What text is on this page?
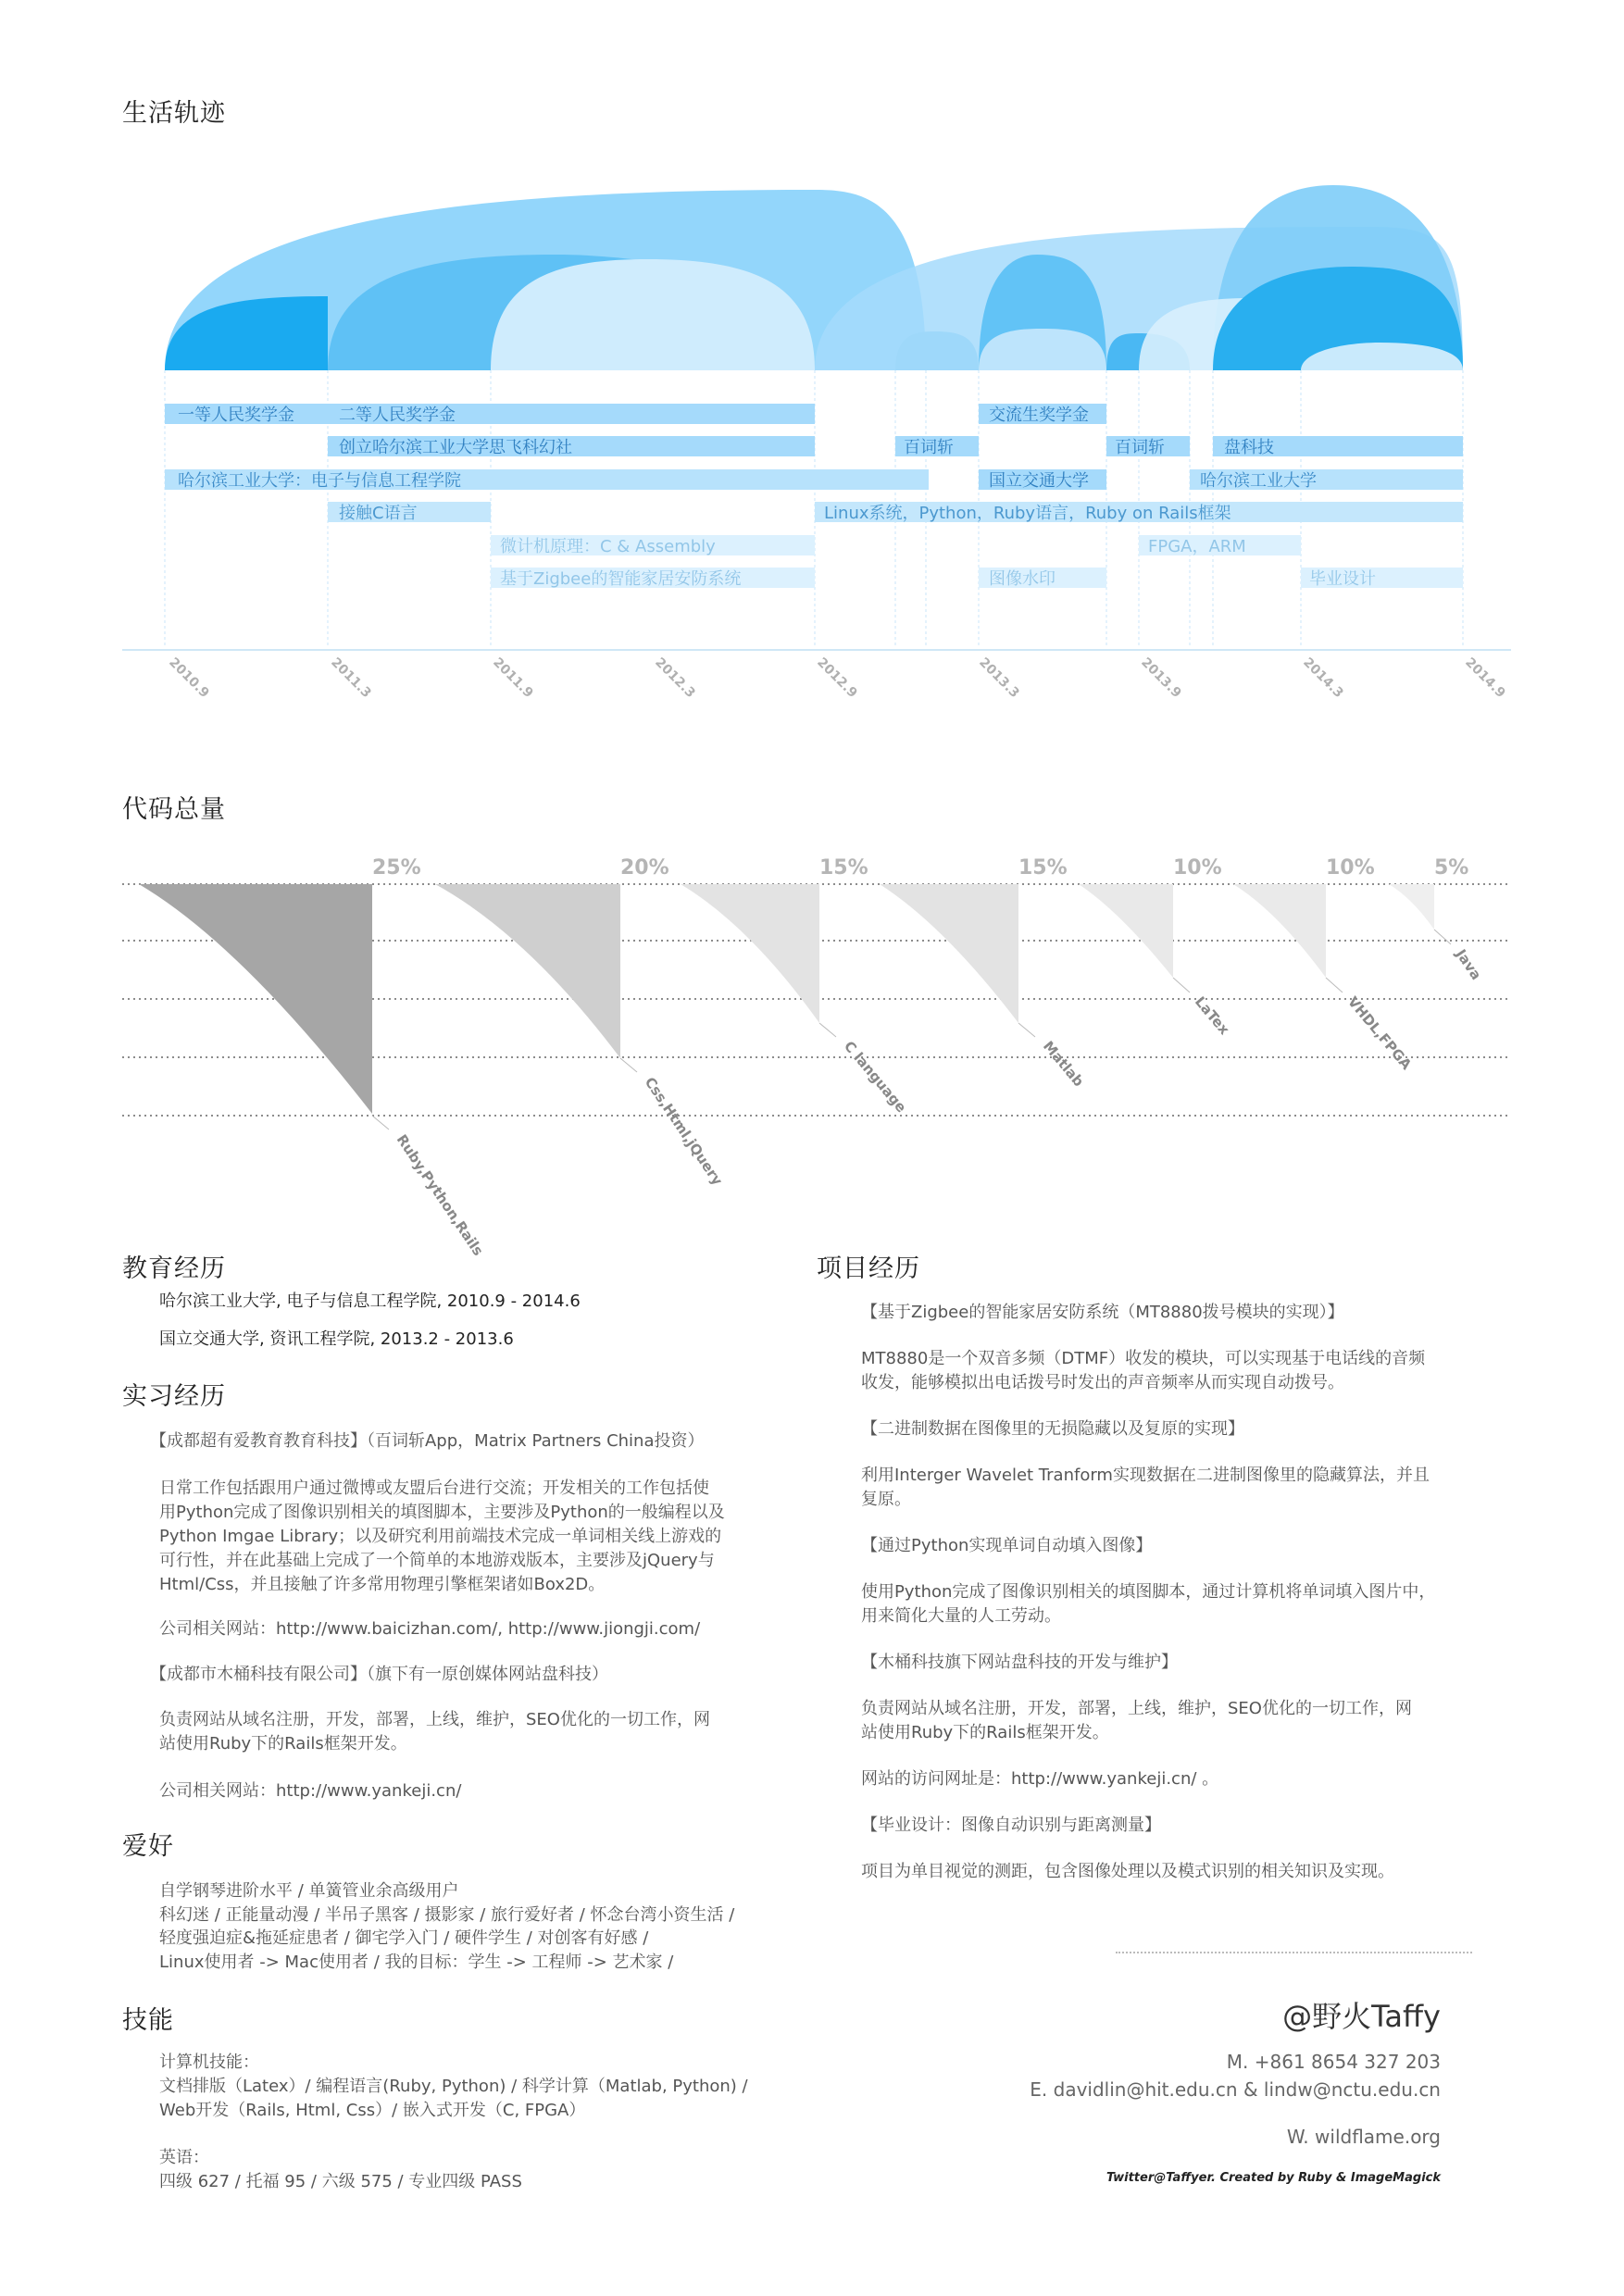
生活轨迹
一等人民奖学金	二等人民奖学金	交流生奖学金
创立哈尔滨工业大学思飞科幻社	百词斩	百词斩	盘科技
哈尔滨工业大学：电子与信息工程学院	国立交通大学	哈尔滨工业大学
接触C语言	Linux系统，Python，Ruby语言，Ruby on Rails框架
微计机原理：C & Assembly	FPGA，ARM
基于Zigbee的智能家居安防系统	图像水印	毕业设计
2010.9	2011.3	2011.9	2012.3	2012.9	2013.3	2013.9	2014.3	2014.9
代码总量
25%	20%	15%	15%	10%	10%	5%
Ruby,Python,Rails
Css,Html,jQuery	C language	Matlab
LaTex	VHDL,FPGA
Java
教育经历

哈尔滨工业大学, 电子与信息工程学院, 2010.9 - 2014.6

国立交通大学, 资讯工程学院, 2013.2 - 2013.6

实习经历

【成都超有爱教育教育科技】（百词斩App，Matrix Partners China投资）

日常工作包括跟用户通过微博或友盟后台进行交流；开发相关的工作包括使

用Python完成了图像识别相关的填图脚本，主要涉及Python的一般编程以及

Python Imgae Library；以及研究利用前端技术完成一单词相关线上游戏的

可行性，并在此基础上完成了一个简单的本地游戏版本，主要涉及jQuery与

Html/Css，并且接触了许多常用物理引擎框架诸如Box2D。

公司相关网站：http://www.baicizhan.com/, http://www.jiongji.com/

【成都市木桶科技有限公司】（旗下有一原创媒体网站盘科技）

负责网站从域名注册，开发，部署，上线，维护，SEO优化的一切工作，网

站使用Ruby下的Rails框架开发。

公司相关网站：http://www.yankeji.cn/

爱好

自学钢琴进阶水平 / 单簧管业余高级用户

科幻迷 / 正能量动漫 / 半吊子黑客 / 摄影家 / 旅行爱好者 / 怀念台湾小资生活 /

轻度强迫症&拖延症患者 / 御宅学入门 / 硬件学生 / 对创客有好感 /

Linux使用者 -> Mac使用者 / 我的目标：学生 -> 工程师 -> 艺术家 /

技能

计算机技能：

文档排版（Latex）/ 编程语言(Ruby, Python) / 科学计算（Matlab, Python) /

Web开发（Rails, Html, Css）/ 嵌入式开发（C, FPGA）

英语：

四级 627 / 托福 95 / 六级 575 / 专业四级 PASS

项目经历

【基于Zigbee的智能家居安防系统（MT8880拨号模块的实现）】

MT8880是一个双音多频（DTMF）收发的模块，可以实现基于电话线的音频

收发，能够模拟出电话拨号时发出的声音频率从而实现自动拨号。

【二进制数据在图像里的无损隐藏以及复原的实现】

利用Interger Wavelet Tranform实现数据在二进制图像里的隐藏算法，并且

复原。

【通过Python实现单词自动填入图像】

使用Python完成了图像识别相关的填图脚本，通过计算机将单词填入图片中，

用来简化大量的人工劳动。

【木桶科技旗下网站盘科技的开发与维护】

负责网站从域名注册，开发，部署，上线，维护，SEO优化的一切工作，网

站使用Ruby下的Rails框架开发。

网站的访问网址是：http://www.yankeji.cn/ 。

【毕业设计：图像自动识别与距离测量】

项目为单目视觉的测距，包含图像处理以及模式识别的相关知识及实现。

@野火Taffy
M. +861 8654 327 203
E. davidlin@hit.edu.cn & lindw@nctu.edu.cn
W. wildflame.org
Twitter@Taffyer. Created by Ruby & ImageMagick
